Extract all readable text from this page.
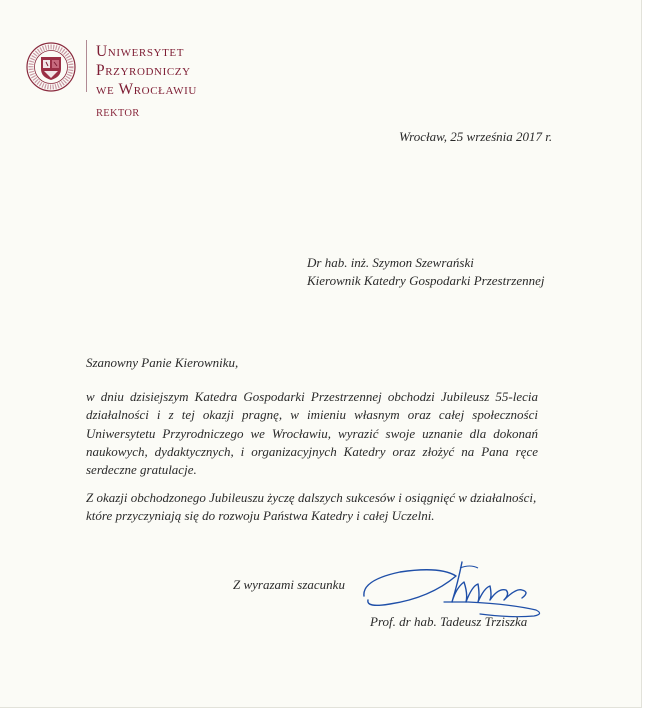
Uniwersytet
Przyrodniczy
we Wrocławiu
REKTOR
Wrocław, 25 września 2017 r.
Dr hab. inż. Szymon Szewrański
Kierownik Katedry Gospodarki Przestrzennej
Szanowny Panie Kierowniku,
w dniu dzisiejszym Katedra Gospodarki Przestrzennej obchodzi Jubileusz 55-lecia działalności i z tej okazji pragnę, w imieniu własnym oraz całej społeczności Uniwersytetu Przyrodniczego we Wrocławiu, wyrazić swoje uznanie dla dokonań naukowych, dydaktycznych, i organizacyjnych Katedry oraz złożyć na Pana ręce serdeczne gratulacje.
Z okazji obchodzonego Jubileuszu życzę dalszych sukcesów i osiągnięć w działalności, które przyczyniają się do rozwoju Państwa Katedry i całej Uczelni.
Z wyrazami szacunku
Prof. dr hab. Tadeusz Trziszka
